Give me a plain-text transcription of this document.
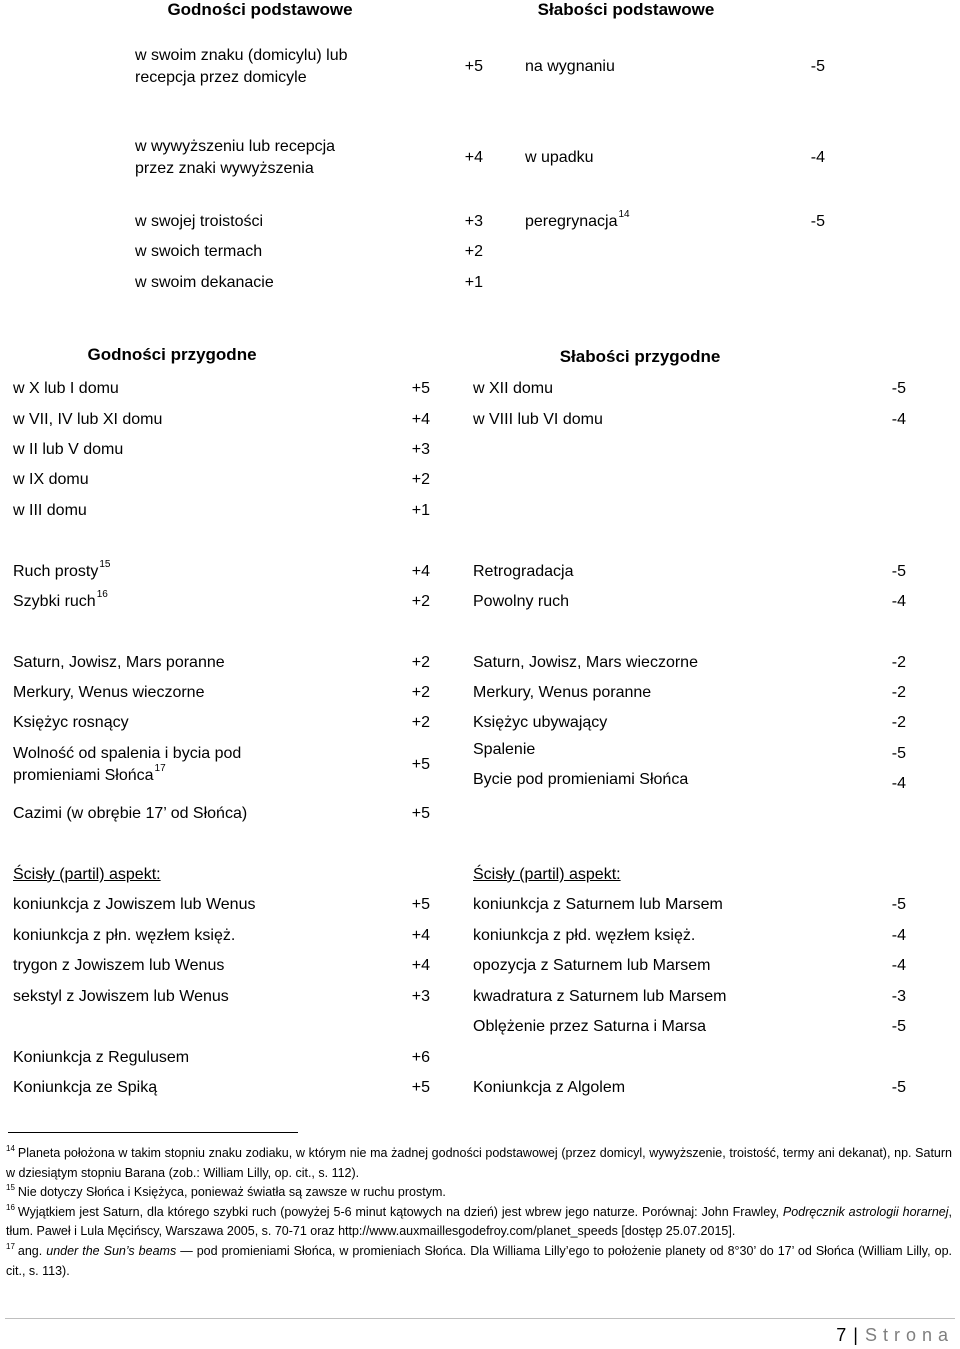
Godności podstawowe	Słabości podstawowe
w swoim znaku (domicylu) lub
recepcja przez domicyle
+5	na wygnaniu	-5
w wywyższeniu lub recepcja
przez znaki wywyższenia
+4	w upadku	-4
w swojej troistości	+3	peregrynacja$^{14}$	-5
w swoich termach	+2
w swoim dekanacie	+1
Godności przygodne	Słabości przygodne
w X lub I domu	+5	w XII domu	-5
w VII, IV lub XI domu	+4	w VIII lub VI domu	-4
w II lub V domu	+3
w IX domu	+2
w III domu	+1
Ruch prosty$^{15}$	+4	Retrogradacja	-5
Szybki ruch$^{16}$	+2	Powolny ruch	-4
Saturn, Jowisz, Mars poranne	+2	Saturn, Jowisz, Mars wieczorne	-2
Merkury, Wenus wieczorne	+2	Merkury, Wenus poranne	-2
Księżyc rosnący	+2	Księżyc ubywający	-2
Wolność od spalenia i bycia pod
promieniami Słońca$^{17}$	+5
Spalenie	-5
Bycie pod promieniami Słońca	-4
Cazimi (w obrębie 17’ od Słońca)	+5
Ścisły (partil) aspekt:	Ścisły (partil) aspekt:
koniunkcja z Jowiszem lub Wenus	+5	koniunkcja z Saturnem lub Marsem	-5
koniunkcja z płn. węzłem księż.	+4	koniunkcja z płd. węzłem księż.	-4
trygon z Jowiszem lub Wenus	+4	opozycja z Saturnem lub Marsem	-4
sekstyl z Jowiszem lub Wenus	+3	kwadratura z Saturnem lub Marsem	-3
Oblężenie przez Saturna i Marsa	-5
Koniunkcja z Regulusem	+6
Koniunkcja ze Spiką	+5	Koniunkcja z Algolem	-5

$^{14}$ Planeta położona w takim stopniu znaku zodiaku, w którym nie ma żadnej godności podstawowej (przez domicyl, wywyższenie, troistość, termy ani dekanat), np. Saturn w dziesiątym stopniu Barana (zob.: William Lilly, op. cit., s. 112).

$^{15}$ Nie dotyczy Słońca i Księżyca, ponieważ światła są zawsze w ruchu prostym.

$^{16}$ Wyjątkiem jest Saturn, dla którego szybki ruch (powyżej 5-6 minut kątowych na dzień) jest wbrew jego naturze. Porównaj: John Frawley, Podręcznik astrologii horarnej, tłum. Paweł i Lula Męcińscy, Warszawa 2005, s. 70-71 oraz http://www.auxmaillesgodefroy.com/planet_speeds [dostęp 25.07.2015].

$^{17}$ ang. under the Sun’s beams — pod promieniami Słońca, w promieniach Słońca. Dla Williama Lilly’ego to położenie planety od 8°30’ do 17’ od Słońca (William Lilly, op. cit., s. 113).

7 | Strona
